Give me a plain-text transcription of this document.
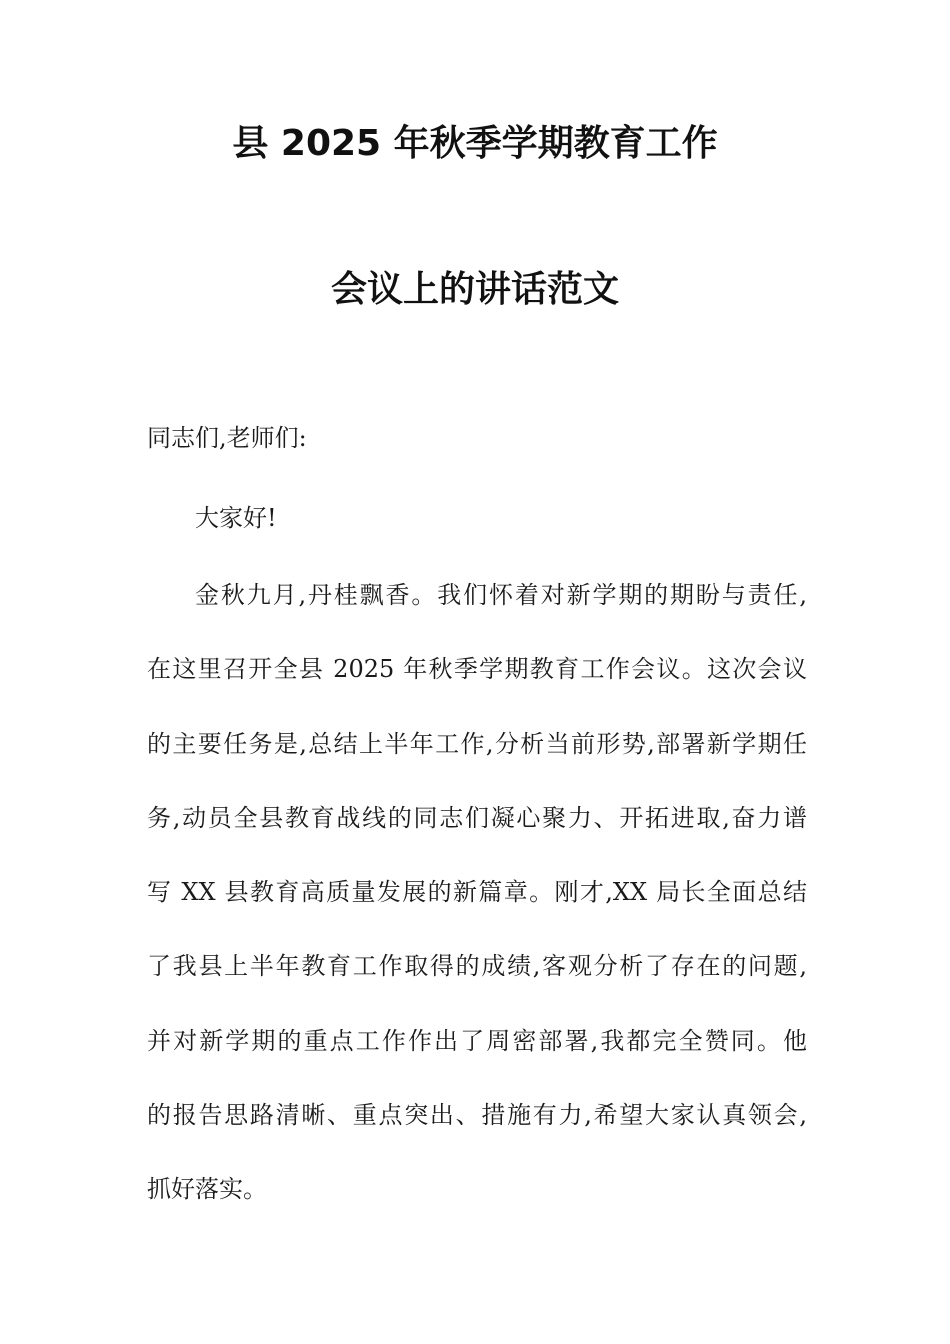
县 2025 年秋季学期教育工作
会议上的讲话范文
同志们,老师们:
大家好!
金秋九月,丹桂飘香。我们怀着对新学期的期盼与责任,
在这里召开全县 2025 年秋季学期教育工作会议。这次会议
的主要任务是,总结上半年工作,分析当前形势,部署新学期任
务,动员全县教育战线的同志们凝心聚力、开拓进取,奋力谱
写 XX 县教育高质量发展的新篇章。刚才,XX 局长全面总结
了我县上半年教育工作取得的成绩,客观分析了存在的问题,
并对新学期的重点工作作出了周密部署,我都完全赞同。他
的报告思路清晰、重点突出、措施有力,希望大家认真领会,
抓好落实。
